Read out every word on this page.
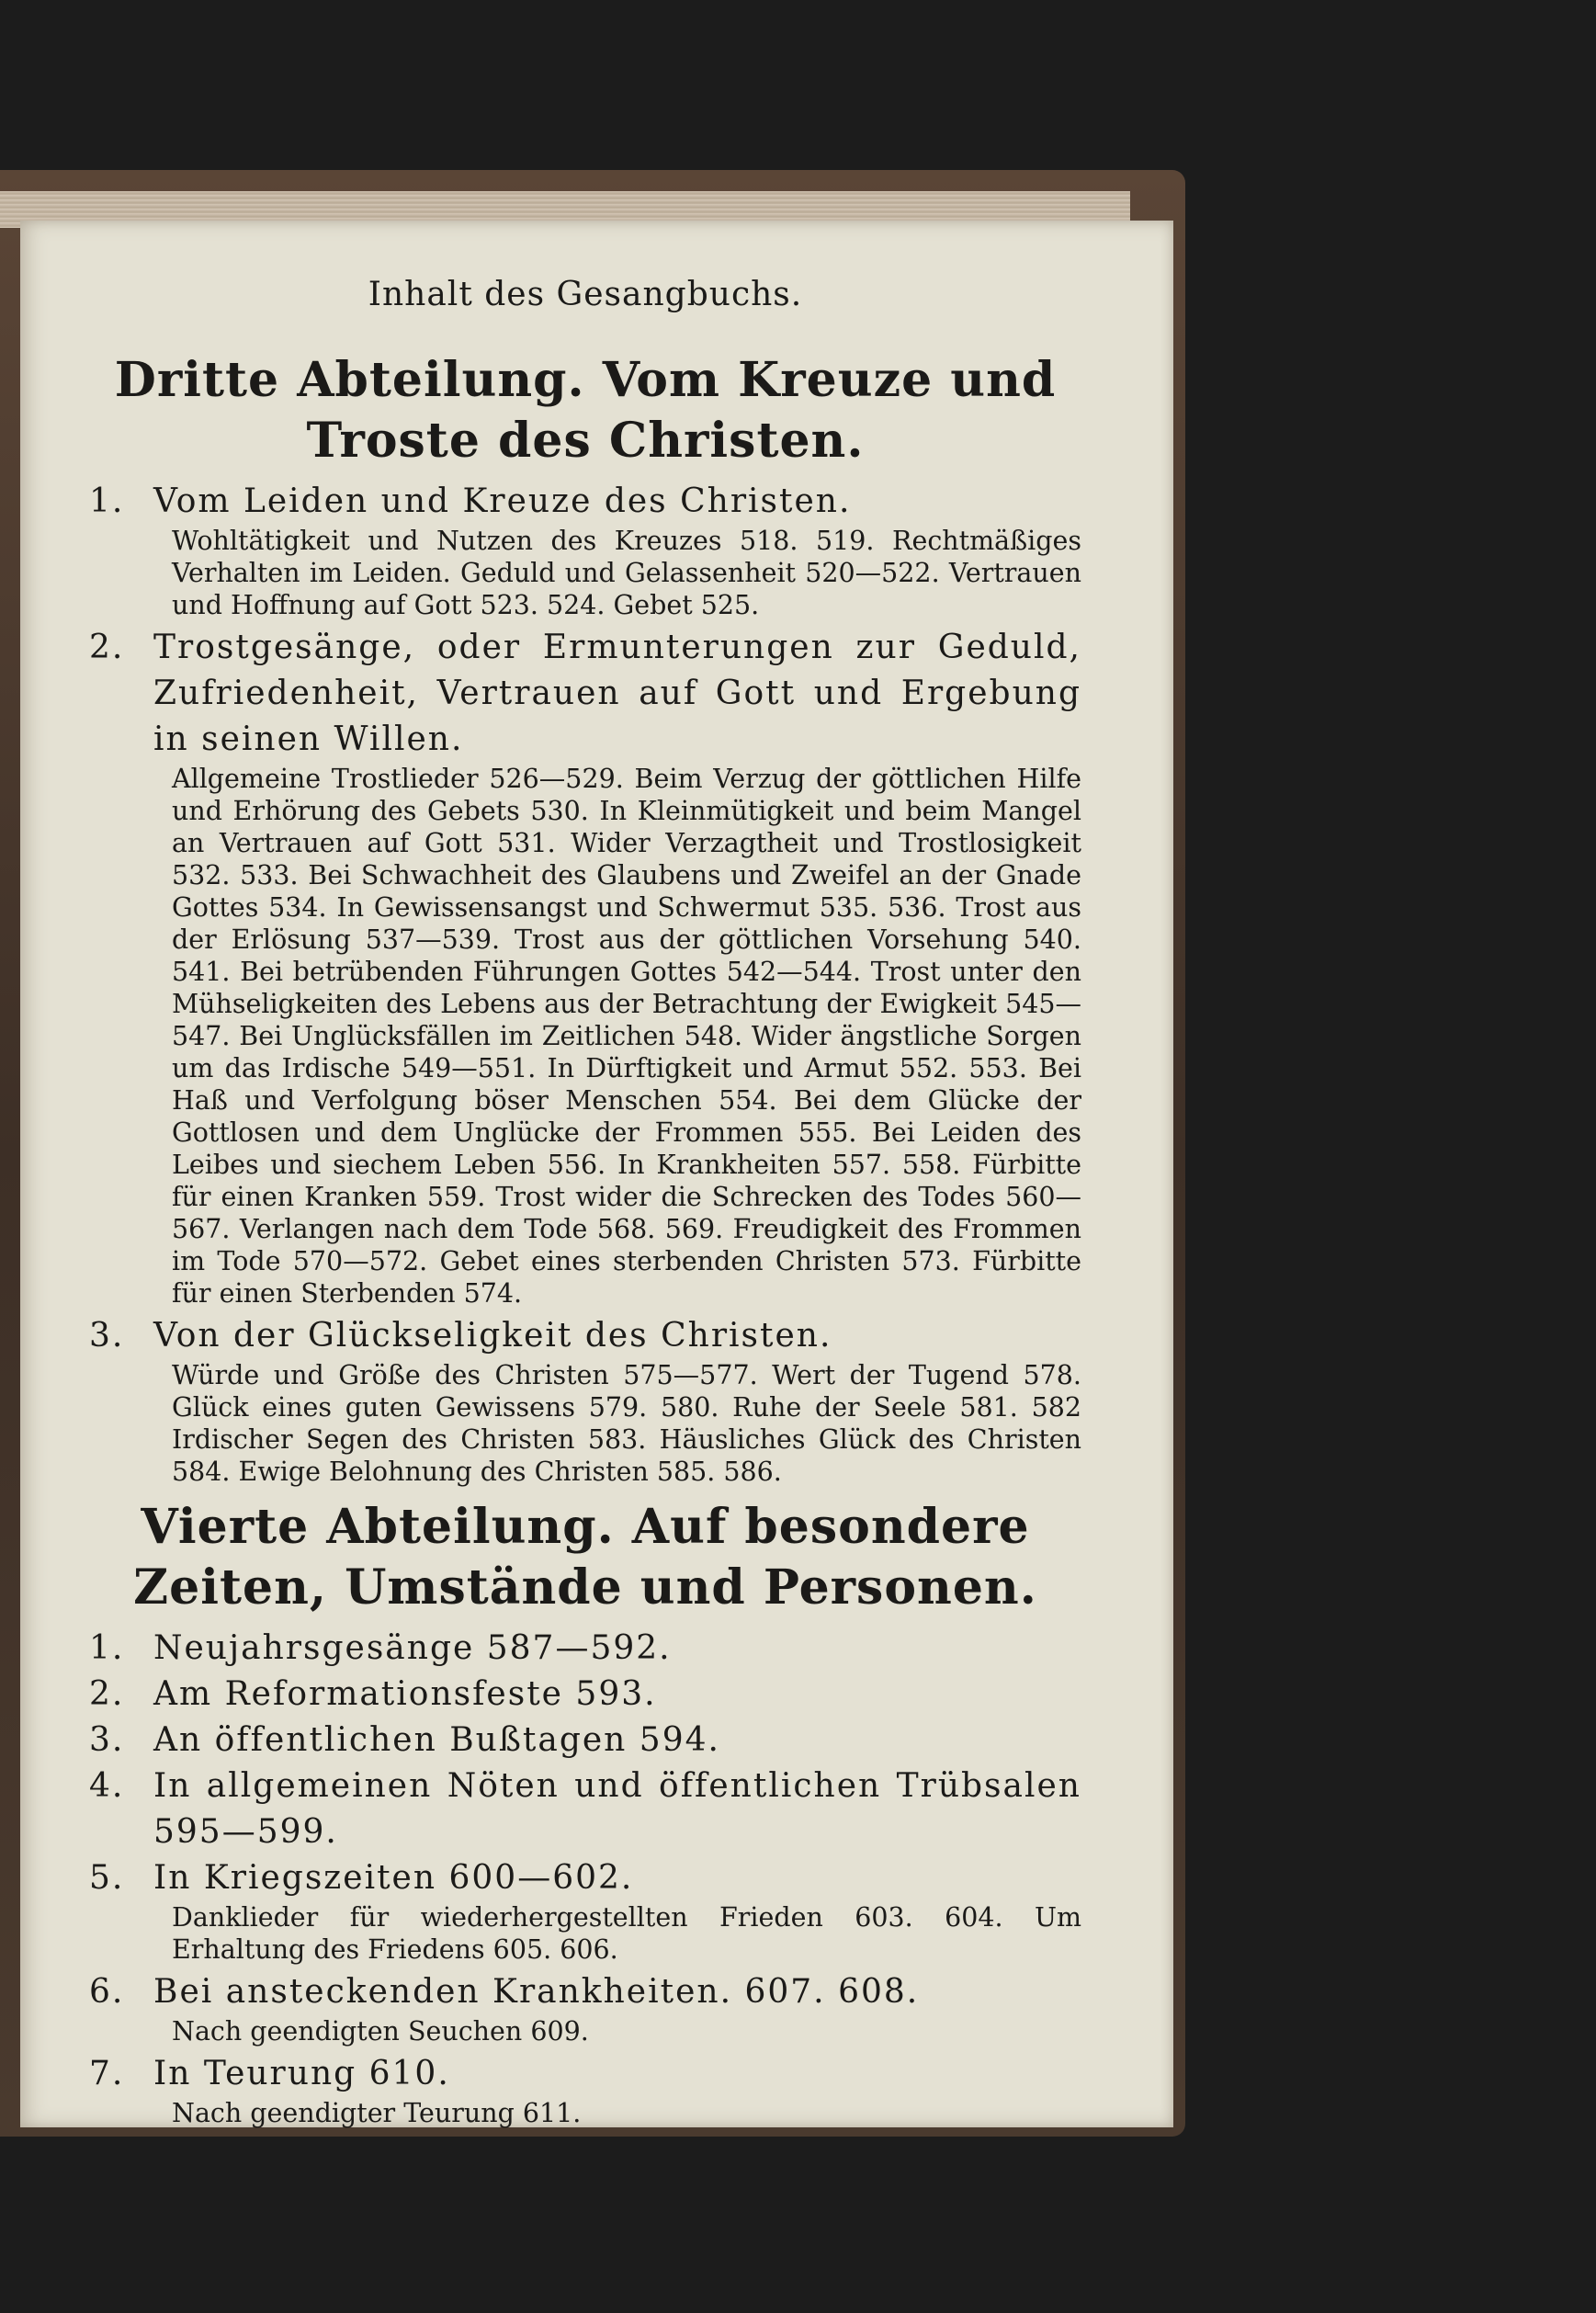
Inhalt des Gesangbuchs.
Dritte Abteilung. Vom Kreuze und Troste des Christen.
1. Vom Leiden und Kreuze des Christen.
Wohltätigkeit und Nutzen des Kreuzes 518. 519. Rechtmäßiges Verhalten im Leiden. Geduld und Gelassenheit 520—522. Vertrauen und Hoffnung auf Gott 523. 524. Gebet 525.
2. Trostgesänge, oder Ermunterungen zur Geduld, Zufriedenheit, Vertrauen auf Gott und Ergebung in seinen Willen.
Allgemeine Trostlieder 526—529. Beim Verzug der göttlichen Hilfe und Erhörung des Gebets 530. In Kleinmütigkeit und beim Mangel an Vertrauen auf Gott 531. Wider Verzagtheit und Trostlosigkeit 532. 533. Bei Schwachheit des Glaubens und Zweifel an der Gnade Gottes 534. In Gewissensangst und Schwermut 535. 536. Trost aus der Erlösung 537—539. Trost aus der göttlichen Vorsehung 540. 541. Bei betrübenden Führungen Gottes 542—544. Trost unter den Mühseligkeiten des Lebens aus der Betrachtung der Ewigkeit 545—547. Bei Unglücksfällen im Zeitlichen 548. Wider ängstliche Sorgen um das Irdische 549—551. In Dürftigkeit und Armut 552. 553. Bei Haß und Verfolgung böser Menschen 554. Bei dem Glücke der Gottlosen und dem Unglücke der Frommen 555. Bei Leiden des Leibes und siechem Leben 556. In Krankheiten 557. 558. Fürbitte für einen Kranken 559. Trost wider die Schrecken des Todes 560—567. Verlangen nach dem Tode 568. 569. Freudigkeit des Frommen im Tode 570—572. Gebet eines sterbenden Christen 573. Fürbitte für einen Sterbenden 574.
3. Von der Glückseligkeit des Christen.
Würde und Größe des Christen 575—577. Wert der Tugend 578. Glück eines guten Gewissens 579. 580. Ruhe der Seele 581. 582 Irdischer Segen des Christen 583. Häusliches Glück des Christen 584. Ewige Belohnung des Christen 585. 586.
Vierte Abteilung. Auf besondere Zeiten, Umstände und Personen.
1. Neujahrsgesänge 587—592.
2. Am Reformationsfeste 593.
3. An öffentlichen Bußtagen 594.
4. In allgemeinen Nöten und öffentlichen Trübsalen 595—599.
5. In Kriegszeiten 600—602.
Danklieder für wiederhergestellten Frieden 603. 604. Um Erhaltung des Friedens 605. 606.
6. Bei ansteckenden Krankheiten. 607. 608.
Nach geendigten Seuchen 609.
7. In Teurung 610.
Nach geendigter Teurung 611.
